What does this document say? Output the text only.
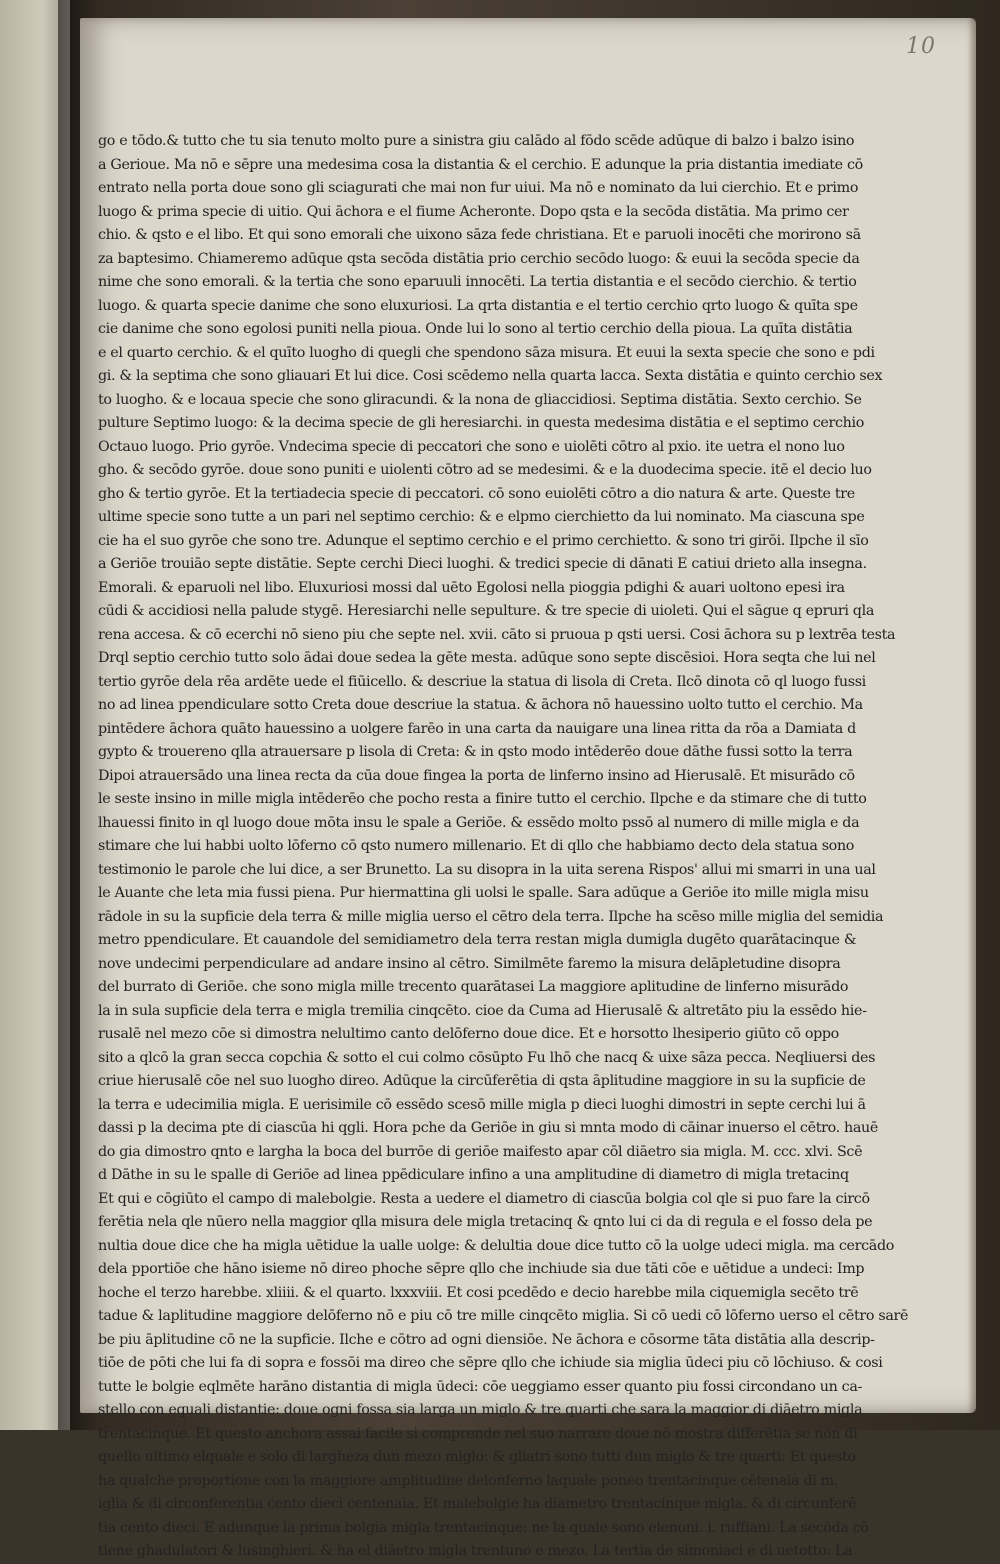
10
go e tōdo.& tutto che tu sia tenuto molto pure a sinistra giu calādo al fōdo scēde adūque di balzo i balzo isino
a Gerioue. Ma nō e sēpre una medesima cosa la distantia & el cerchio. E adunque la pria distantia imediate cō
entrato nella porta doue sono gli sciagurati che mai non fur uiui. Ma nō e nominato da lui cierchio. Et e primo
luogo & prima specie di uitio. Qui āchora e el fiume Acheronte. Dopo qsta e la secōda distātia. Ma primo cer
chio. & qsto e el libo. Et qui sono emorali che uixono sāza fede christiana. Et e paruoli inocēti che morirono sā
za baptesimo. Chiameremo adūque qsta secōda distātia prio cerchio secōdo luogo: & euui la secōda specie da
nime che sono emorali. & la tertia che sono eparuuli innocēti. La tertia distantia e el secōdo cierchio. & tertio
luogo. & quarta specie danime che sono eluxuriosi. La qrta distantia e el tertio cerchio qrto luogo & quīta spe
cie danime che sono egolosi puniti nella pioua. Onde lui lo sono al tertio cerchio della pioua. La quīta distātia
e el quarto cerchio. & el quīto luogho di quegli che spendono sāza misura. Et euui la sexta specie che sono e pdi
gi. & la septima che sono gliauari Et lui dice. Cosi scēdemo nella quarta lacca. Sexta distātia e quinto cerchio sex
to luogho. & e locaua specie che sono gliracundi. & la nona de gliaccidiosi. Septima distātia. Sexto cerchio. Se
pulture Septimo luogo: & la decima specie de gli heresiarchi. in questa medesima distātia e el septimo cerchio
Octauo luogo. Prio gyrōe. Vndecima specie di peccatori che sono e uiolēti cōtro al pxio. ite uetra el nono luo
gho. & secōdo gyrōe. doue sono puniti e uiolenti cōtro ad se medesimi. & e la duodecima specie. itē el decio luo
gho & tertio gyrōe. Et la tertiadecia specie di peccatori. cō sono euiolēti cōtro a dio natura & arte. Queste tre
ultime specie sono tutte a un pari nel septimo cerchio: & e elpmo cierchietto da lui nominato. Ma ciascuna spe
cie ha el suo gyrōe che sono tre. Adunque el septimo cerchio e el primo cerchietto. & sono tri girōi. Ilpche il sīo
a Geriōe trouiāo septe distātie. Septe cerchi Dieci luoghi. & tredici specie di dānati E catiui drieto alla insegna.
Emorali. & eparuoli nel libo. Eluxuriosi mossi dal uēto Egolosi nella pioggia pdighi & auari uoltono epesi ira
cūdi & accidiosi nella palude stygē. Heresiarchi nelle sepulture. & tre specie di uioleti. Qui el sāgue q epruri qla
rena accesa. & cō ecerchi nō sieno piu che septe nel. xvii. cāto si pruoua p qsti uersi. Cosi āchora su p lextrēa testa
Drql septio cerchio tutto solo ādai doue sedea la gēte mesta. adūque sono septe discēsioi. Hora seqta che lui nel
tertio gyrōe dela rēa ardēte uede el fiūicello. & descriue la statua di lisola di Creta. Ilcō dinota cō ql luogo fussi
no ad linea ppendiculare sotto Creta doue descriue la statua. & āchora nō hauessino uolto tutto el cerchio. Ma
pintēdere āchora quāto hauessino a uolgere farēo in una carta da nauigare una linea ritta da rōa a Damiata d
gypto & trouereno qlla atrauersare p lisola di Creta: & in qsto modo intēderēo doue dāthe fussi sotto la terra
Dipoi atrauersādo una linea recta da cūa doue fingea la porta de linferno insino ad Hierusalē. Et misurādo cō
le seste insino in mille migla intēderēo che pocho resta a finire tutto el cerchio. Ilpche e da stimare che di tutto
lhauessi finito in ql luogo doue mōta insu le spale a Geriōe. & essēdo molto pssō al numero di mille migla e da
stimare che lui habbi uolto lōferno cō qsto numero millenario. Et di qllo che habbiamo decto dela statua sono
testimonio le parole che lui dice, a ser Brunetto. La su disopra in la uita serena Rispos' allui mi smarri in una ual
le Auante che leta mia fussi piena. Pur hiermattina gli uolsi le spalle. Sara adūque a Geriōe ito mille migla misu
rādole in su la supficie dela terra & mille miglia uerso el cētro dela terra. Ilpche ha scēso mille miglia del semidia
metro ppendiculare. Et cauandole del semidiametro dela terra restan migla dumigla dugēto quarātacinque &
nove undecimi perpendiculare ad andare insino al cētro. Similmēte faremo la misura delāpletudine disopra
del burrato di Geriōe. che sono migla mille trecento quarātasei La maggiore aplitudine de linferno misurādo
la in sula supficie dela terra e migla tremilia cinqcēto. cioe da Cuma ad Hierusalē & altretāto piu la essēdo hie-
rusalē nel mezo cōe si dimostra nelultimo canto delōferno doue dice. Et e horsotto lhesiperio giūto cō oppo
sito a qlcō la gran secca copchia & sotto el cui colmo cōsūpto Fu lhō che nacq & uixe sāza pecca. Neqliuersi des
criue hierusalē cōe nel suo luogho direo. Adūque la circūferētia di qsta āplitudine maggiore in su la supficie de
la terra e udecimilia migla. E uerisimile cō essēdo scesō mille migla p dieci luoghi dimostri in septe cerchi lui ā
dassi p la decima pte di ciascūa hi qgli. Hora pche da Geriōe in giu si mnta modo di cāinar inuerso el cētro. hauē
do gia dimostro qnto e largha la boca del burrōe di geriōe maifesto apar cōl diāetro sia migla. M. ccc. xlvi. Scē
d Dāthe in su le spalle di Geriōe ad linea ppēdiculare infino a una amplitudine di diametro di migla tretacinq
Et qui e cōgiūto el campo di malebolgie. Resta a uedere el diametro di ciascūa bolgia col qle si puo fare la circō
ferētia nela qle nūero nella maggior qlla misura dele migla tretacinq & qnto lui ci da di regula e el fosso dela pe
nultia doue dice che ha migla uētidue la ualle uolge: & delultia doue dice tutto cō la uolge udeci migla. ma cercādo
dela pportiōe che hāno isieme nō direo phoche sēpre qllo che inchiude sia due tāti cōe e uētidue a undeci: Imp
hoche el terzo harebbe. xliiii. & el quarto. lxxxviii. Et cosi pcedēdo e decio harebbe mila ciquemigla secēto trē
tadue & laplitudine maggiore delōferno nō e piu cō tre mille cinqcēto miglia. Si cō uedi cō lōferno uerso el cētro sarē
be piu āplitudine cō ne la supficie. Ilche e cōtro ad ogni diensiōe. Ne āchora e cōsorme tāta distātia alla descrip-
tiōe de pōti che lui fa di sopra e fossōi ma direo che sēpre qllo che ichiude sia miglia ūdeci piu cō lōchiuso. & cosi
tutte le bolgie eqlmēte harāno distantia di migla ūdeci: cōe ueggiamo esser quanto piu fossi circondano un ca-
stello con equali distantie: doue ogni fossa sia larga un miglo & tre quarti che sara la maggior di diāetro migla
trentacinque. Et questo anchora assai facile si comprende nel suo narrare doue nō mostra differētia se non di
quello ultimo elquale e solo di largheza dun mezo miglo: & gliatri sono tutti dun miglo & tre quarti: Et questo
ha qualche proportione con la maggiore amplitudine delonferno laquale poneo trentacinque cētenaia di m.
iglia & di circonferentia cento dieci centenaia. Et malebolgie ha diametro trentacinque migla. & di circunferē
tia cento dieci. E adunque la prima bolgia migla trentacinque: ne la quale sono elenoni. i. ruffiani. La secōda cō
tiene ghadulatori & lusinghieri. & ha el diāetro migla trentuno e mezo. La tertia de simoniaci e di uetotto: La
